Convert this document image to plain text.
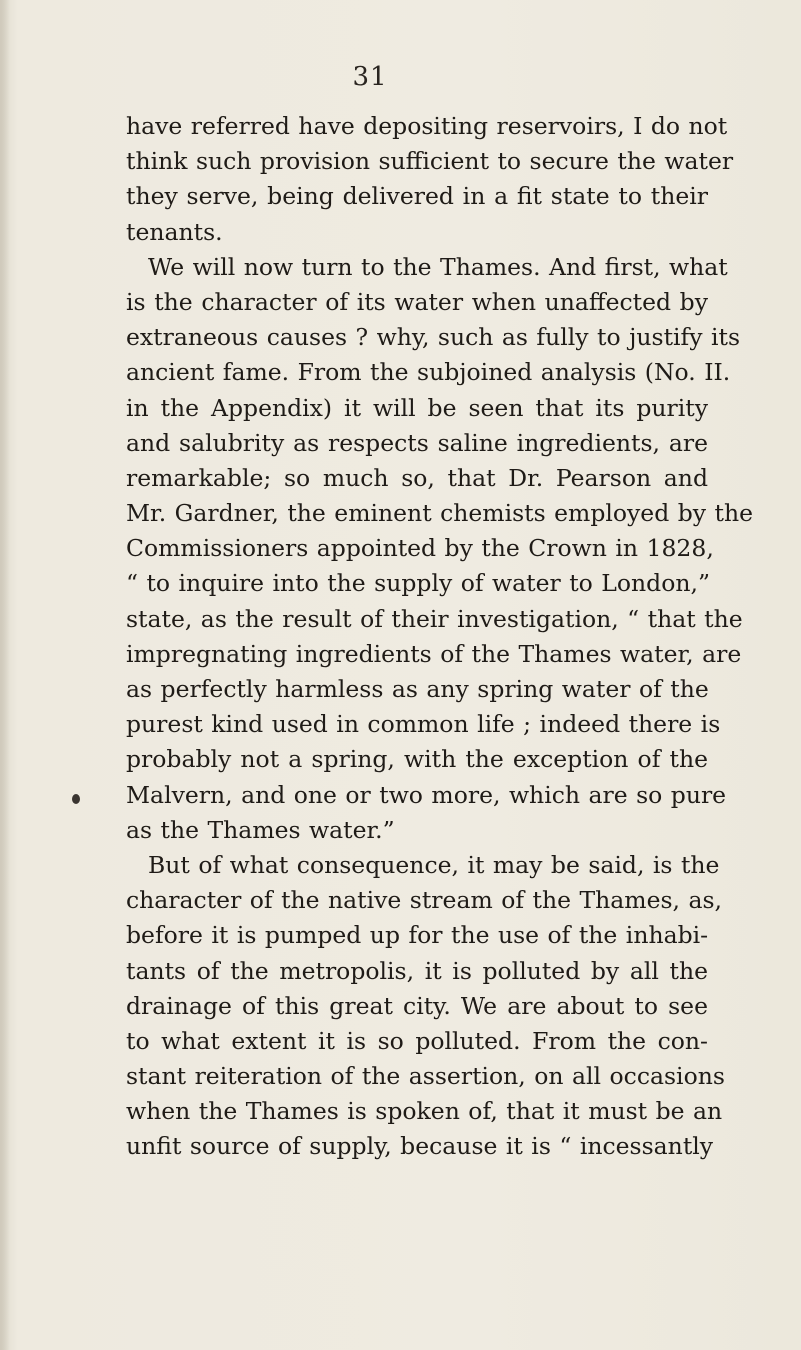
31
have referred have depositing reservoirs, I do not
think such provision sufficient to secure the water
they serve, being delivered in a fit state to their
tenants.
We will now turn to the Thames. And first, what
is the character of its water when unaffected by
extraneous causes ? why, such as fully to justify its
ancient fame. From the subjoined analysis (No. II.
in the Appendix) it will be seen that its purity
and salubrity as respects saline ingredients, are
remarkable; so much so, that Dr. Pearson and
Mr. Gardner, the eminent chemists employed by the
Commissioners appointed by the Crown in 1828,
“ to inquire into the supply of water to London,”
state, as the result of their investigation, “ that the
impregnating ingredients of the Thames water, are
as perfectly harmless as any spring water of the
purest kind used in common life ; indeed there is
probably not a spring, with the exception of the
Malvern, and one or two more, which are so pure
as the Thames water.”
But of what consequence, it may be said, is the
character of the native stream of the Thames, as,
before it is pumped up for the use of the inhabi-
tants of the metropolis, it is polluted by all the
drainage of this great city. We are about to see
to what extent it is so polluted. From the con-
stant reiteration of the assertion, on all occasions
when the Thames is spoken of, that it must be an
unfit source of supply, because it is “ incessantly
